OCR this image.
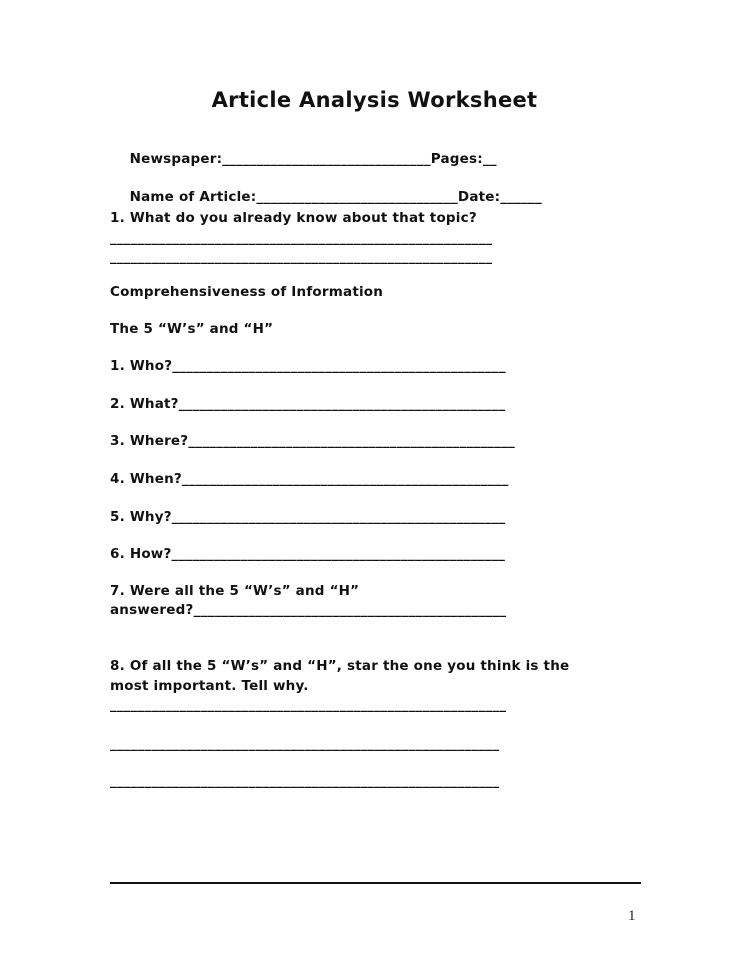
Article Analysis Worksheet

Newspaper:______________________________Pages:__

Name of Article:_____________________________Date:______

1. What do you already know about that topic?
_______________________________________________________
_______________________________________________________
Comprehensiveness of Information
The 5 “W’s” and “H”
1. Who?________________________________________________
2. What?_______________________________________________
3. Where?_______________________________________________
4. When?_______________________________________________
5. Why?________________________________________________
6. How?________________________________________________
7. Were all the 5 “W’s” and “H”
answered?_____________________________________________
8. Of all the 5 “W’s” and “H”, star the one you think is the
most important. Tell why.
_________________________________________________________
________________________________________________________
________________________________________________________
1
